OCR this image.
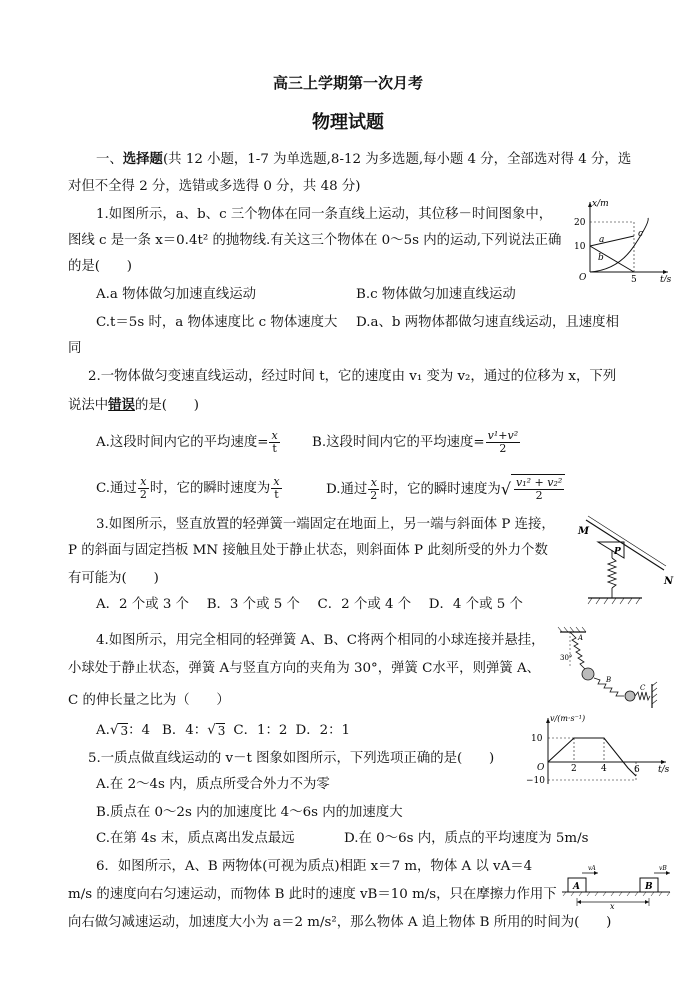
高三上学期第一次月考
物理试题
一、选择题(共 12 小题，1-7 为单选题,8-12 为多选题,每小题 4 分，全部选对得 4 分，选
对但不全得 2 分，选错或多选得 0 分，共 48 分)
1.如图所示，a、b、c 三个物体在同一条直线上运动，其位移－时间图象中，
图线 c 是一条 x＝0.4t² 的抛物线.有关这三个物体在 0～5s 内的运动,下列说法正确
的是(　　)
A.a 物体做匀加速直线运动	B.c 物体做匀加速直线运动
C.t＝5s 时，a 物体速度比 c 物体速度大 D.a、b 两物体都做匀速直线运动，且速度相
同
x/m
t/s
O
20
10
5
a
b
c
2.一物体做匀变速直线运动，经过时间 t，它的速度由 v₁ 变为 v₂，通过的位移为 x，下列
说法中错误的是(　　)
A.这段时间内它的平均速度= $\frac{x}{t} B$.这段时间内它的平均速度= $\frac{\text{v¹+v²}}{2}$
C.通过 $\frac{x}{2}$ 时，它的瞬时速度为 $\frac{x}{t}$	D.通过 $\frac{x}{2}$ 时，它的瞬时速度为√ $\frac{\text{v₁² + v₂²}}{2}$
3.如图所示，竖直放置的轻弹簧一端固定在地面上，另一端与斜面体 P 连接，
P 的斜面与固定挡板 MN 接触且处于静止状态，则斜面体 P 此刻所受的外力个数
有可能为(　　)
A．2 个或 3 个　 B．3 个或 5 个　 C．2 个或 4 个　 D．4 个或 5 个
M
N
P
4.如图所示，用完全相同的轻弹簧 A、B、C将两个相同的小球连接并悬挂，
小球处于静止状态，弹簧 A与竖直方向的夹角为 30°，弹簧 C水平，则弹簧 A、
C 的伸长量之比为（　　）
A.√ 3：4 B．4：√ 3 C．1：2 D．2：1
A
30°
B
C
5.一质点做直线运动的 v－t 图象如图所示，下列选项正确的是(　　)
A.在 2～4s 内，质点所受合外力不为零
B.质点在 0～2s 内的加速度比 4～6s 内的加速度大
C.在第 4s 末，质点离出发点最远	D.在 0～6s 内，质点的平均速度为 5m/s
v/(m·s⁻¹)
t/s
O
10
−10
2	4	6
6．如图所示，A、B 两物体(可视为质点)相距 x＝7 m，物体 A 以 vA＝4
m/s 的速度向右匀速运动，而物体 B 此时的速度 vB＝10 m/s，只在摩擦力作用下
向右做匀减速运动，加速度大小为 a＝2 m/s²，那么物体 A 追上物体 B 所用的时间为(　　)
A	B
vA	vB
x
